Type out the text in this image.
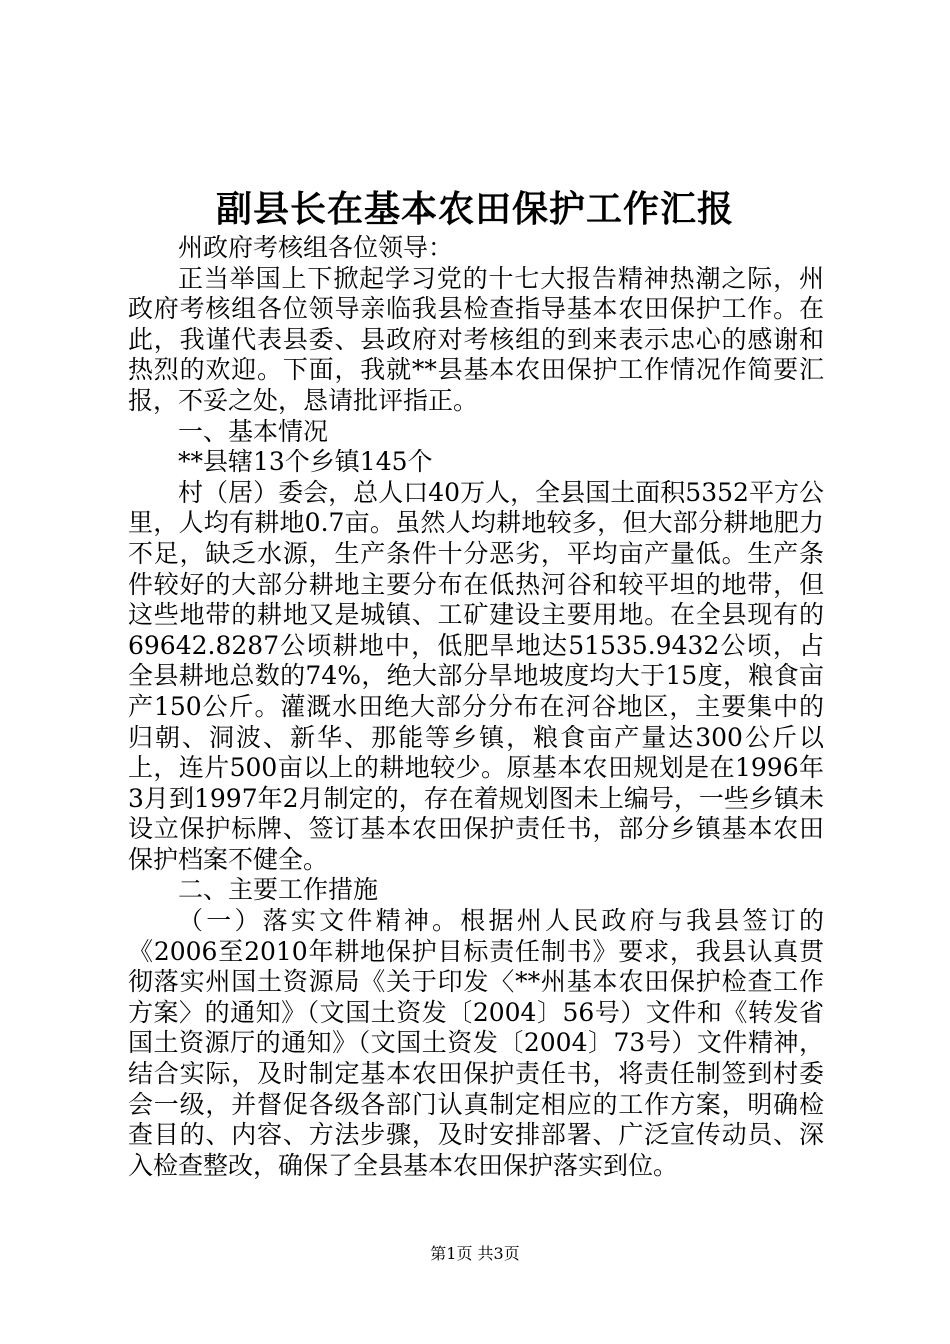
副县长在基本农田保护工作汇报

州政府考核组各位领导：

正当举国上下掀起学习党的十七大报告精神热潮之际，州政府考核组各位领导亲临我县检查指导基本农田保护工作。在此，我谨代表县委、县政府对考核组的到来表示忠心的感谢和热烈的欢迎。下面，我就**县基本农田保护工作情况作简要汇报，不妥之处，恳请批评指正。

一、基本情况

**县辖13个乡镇145个

村（居）委会，总人口40万人，全县国土面积5352平方公里，人均有耕地0.7亩。虽然人均耕地较多，但大部分耕地肥力不足，缺乏水源，生产条件十分恶劣，平均亩产量低。生产条件较好的大部分耕地主要分布在低热河谷和较平坦的地带，但这些地带的耕地又是城镇、工矿建设主要用地。在全县现有的69642.8287公顷耕地中，低肥旱地达51535.9432公顷，占全县耕地总数的74%，绝大部分旱地坡度均大于15度，粮食亩产150公斤。灌溉水田绝大部分分布在河谷地区，主要集中的归朝、洞波、新华、那能等乡镇，粮食亩产量达300公斤以上，连片500亩以上的耕地较少。原基本农田规划是在1996年3月到1997年2月制定的，存在着规划图未上编号，一些乡镇未设立保护标牌、签订基本农田保护责任书，部分乡镇基本农田保护档案不健全。

二、主要工作措施

（一）落实文件精神。根据州人民政府与我县签订的《2006至2010年耕地保护目标责任制书》要求，我县认真贯彻落实州国土资源局《关于印发〈**州基本农田保护检查工作方案〉的通知》（文国土资发〔2004〕56号）文件和《转发省国土资源厅的通知》（文国土资发〔2004〕73号）文件精神，结合实际，及时制定基本农田保护责任书，将责任制签到村委会一级，并督促各级各部门认真制定相应的工作方案，明确检查目的、内容、方法步骤，及时安排部署、广泛宣传动员、深入检查整改，确保了全县基本农田保护落实到位。

第1页 共3页
